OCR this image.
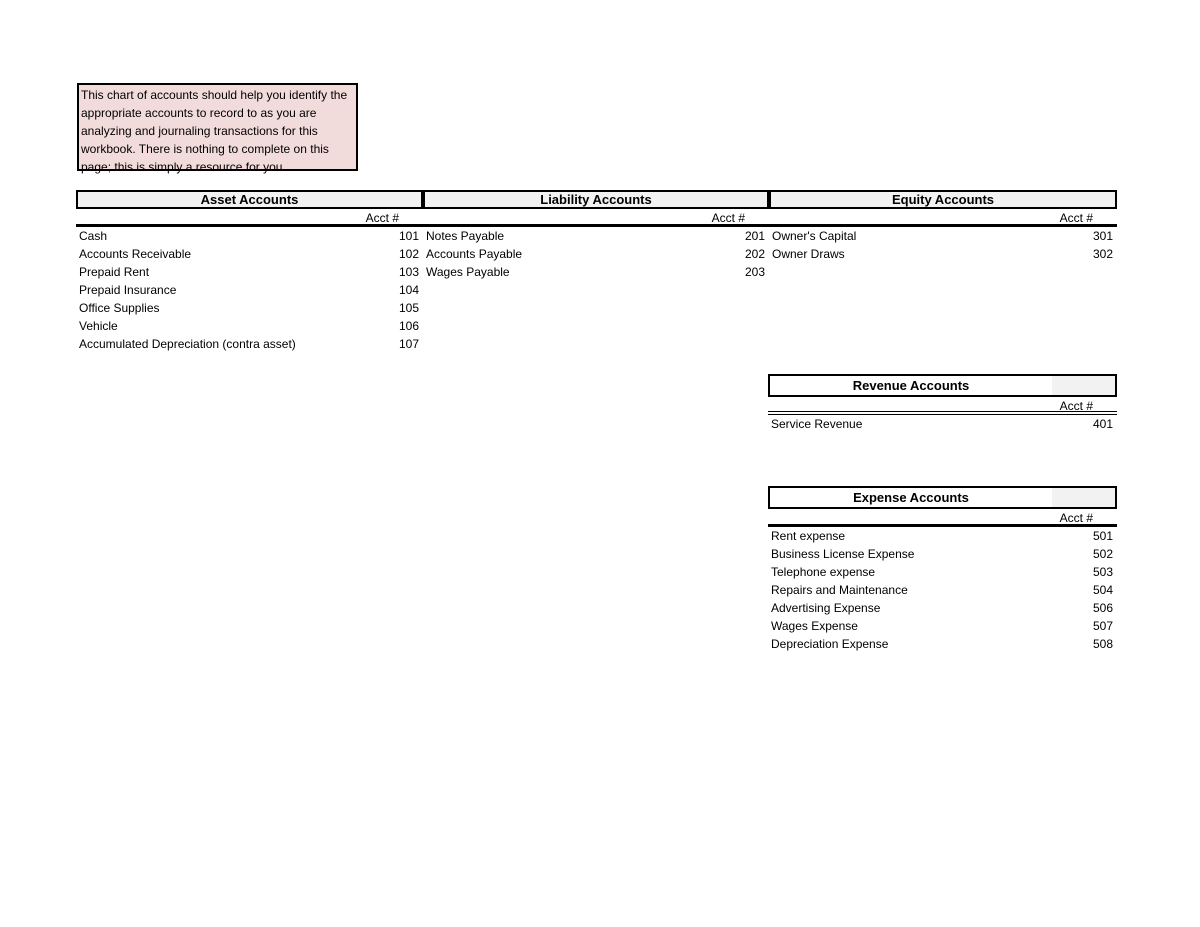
This chart of accounts should help you identify the appropriate accounts to record to as you are analyzing and journaling transactions for this workbook. There is nothing to complete on this page; this is simply a resource for you.
Asset Accounts
Acct #
Cash	101
Accounts Receivable	102
Prepaid Rent	103
Prepaid Insurance	104
Office Supplies	105
Vehicle	106
Accumulated Depreciation (contra asset)	107
Liability Accounts
Acct #
Notes Payable	201
Accounts Payable	202
Wages Payable	203
Equity Accounts
Acct #
Owner's Capital	301
Owner Draws	302
Revenue Accounts
Acct #
Service Revenue	401
Expense Accounts
Acct #
Rent expense	501
Business License Expense	502
Telephone expense	503
Repairs and Maintenance	504
Advertising Expense	506
Wages Expense	507
Depreciation Expense	508
